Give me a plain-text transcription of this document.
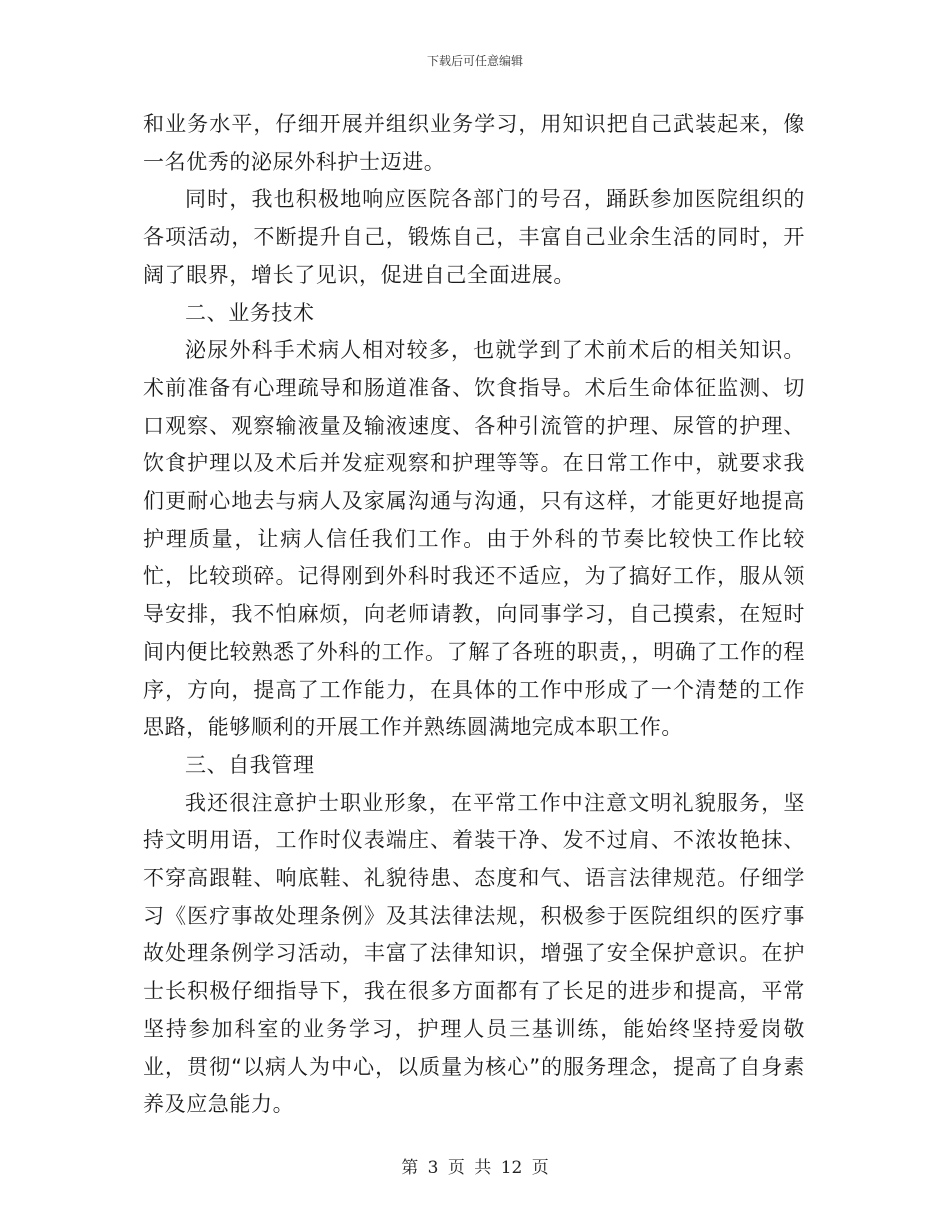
下载后可任意编辑

和业务水平，仔细开展并组织业务学习，用知识把自己武装起来，像一名优秀的泌尿外科护士迈进。

同时，我也积极地响应医院各部门的号召，踊跃参加医院组织的各项活动，不断提升自己，锻炼自己，丰富自己业余生活的同时，开阔了眼界，增长了见识，促进自己全面进展。

二、业务技术

泌尿外科手术病人相对较多，也就学到了术前术后的相关知识。术前准备有心理疏导和肠道准备、饮食指导。术后生命体征监测、切口观察、观察输液量及输液速度、各种引流管的护理、尿管的护理、饮食护理以及术后并发症观察和护理等等。在日常工作中，就要求我们更耐心地去与病人及家属沟通与沟通，只有这样，才能更好地提高护理质量，让病人信任我们工作。由于外科的节奏比较快工作比较忙，比较琐碎。记得刚到外科时我还不适应，为了搞好工作，服从领导安排，我不怕麻烦，向老师请教，向同事学习，自己摸索，在短时间内便比较熟悉了外科的工作。了解了各班的职责，，明确了工作的程序，方向，提高了工作能力，在具体的工作中形成了一个清楚的工作思路，能够顺利的开展工作并熟练圆满地完成本职工作。

三、自我管理

我还很注意护士职业形象，在平常工作中注意文明礼貌服务，坚持文明用语，工作时仪表端庄、着装干净、发不过肩、不浓妆艳抹、不穿高跟鞋、响底鞋、礼貌待患、态度和气、语言法律规范。仔细学习《医疗事故处理条例》及其法律法规，积极参于医院组织的医疗事故处理条例学习活动，丰富了法律知识，增强了安全保护意识。在护士长积极仔细指导下，我在很多方面都有了长足的进步和提高，平常坚持参加科室的业务学习，护理人员三基训练，能始终坚持爱岗敬业，贯彻“以病人为中心，以质量为核心”的服务理念，提高了自身素养及应急能力。

第 3 页 共 12 页
